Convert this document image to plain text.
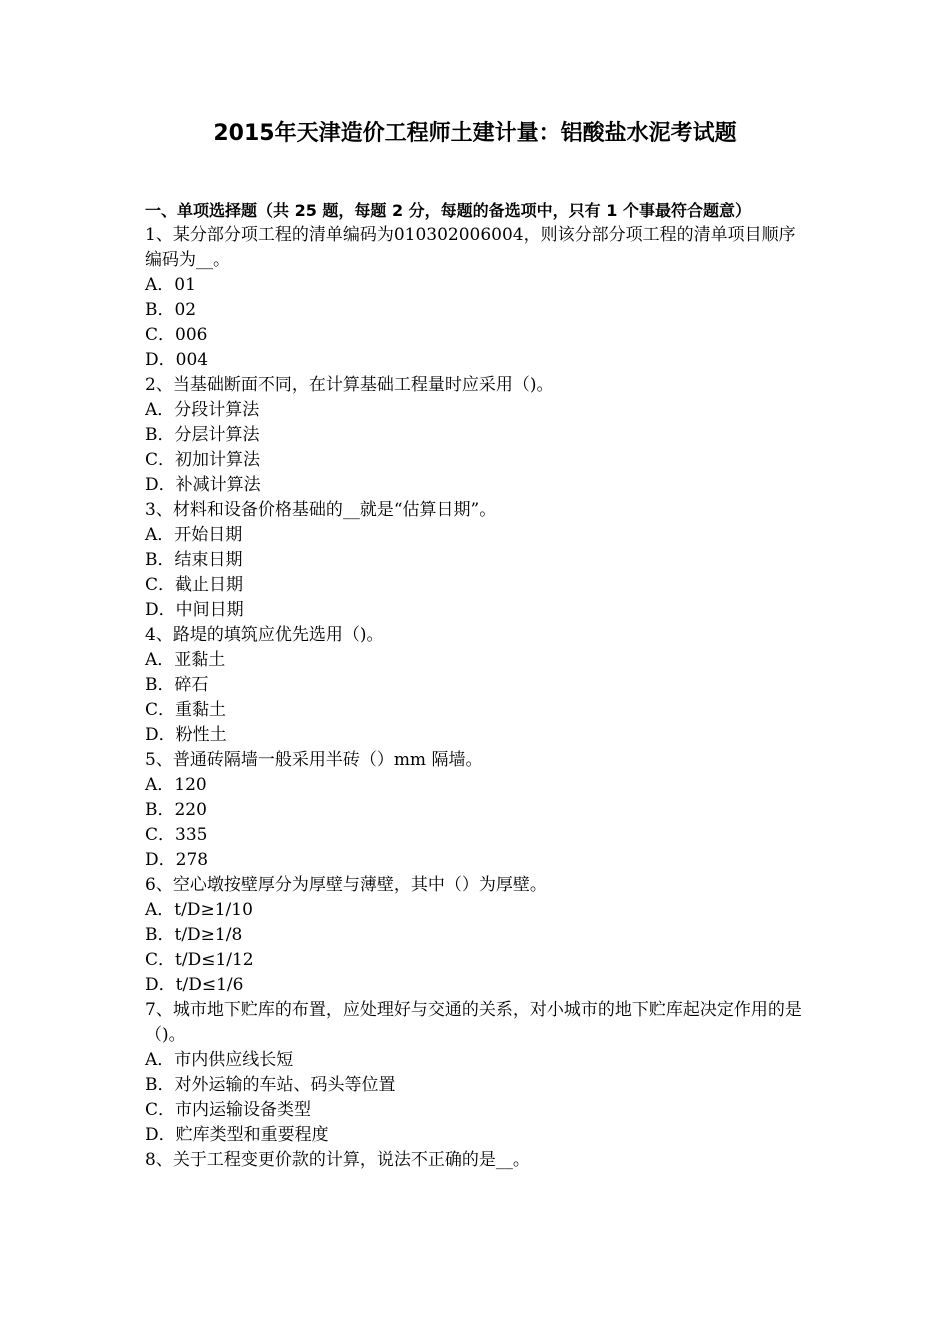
2015年天津造价工程师土建计量：铝酸盐水泥考试题

一、单项选择题（共 25 题，每题 2 分，每题的备选项中，只有 1 个事最符合题意）

1、某分部分项工程的清单编码为010302006004，则该分部分项工程的清单项目顺序编码为__。

A．01

B．02

C．006

D．004

2、当基础断面不同，在计算基础工程量时应采用（)。

A．分段计算法

B．分层计算法

C．初加计算法

D．补减计算法

3、材料和设备价格基础的__就是“估算日期”。

A．开始日期

B．结束日期

C．截止日期

D．中间日期

4、路堤的填筑应优先选用（)。

A．亚黏土

B．碎石

C．重黏土

D．粉性土

5、普通砖隔墙一般采用半砖（）mm 隔墙。

A．120

B．220

C．335

D．278

6、空心墩按壁厚分为厚壁与薄壁，其中（）为厚壁。

A．t/D≥1/10

B．t/D≥1/8

C．t/D≤1/12

D．t/D≤1/6

7、城市地下贮库的布置，应处理好与交通的关系，对小城市的地下贮库起决定作用的是（)。

A．市内供应线长短

B．对外运输的车站、码头等位置

C．市内运输设备类型

D．贮库类型和重要程度

8、关于工程变更价款的计算，说法不正确的是__。
